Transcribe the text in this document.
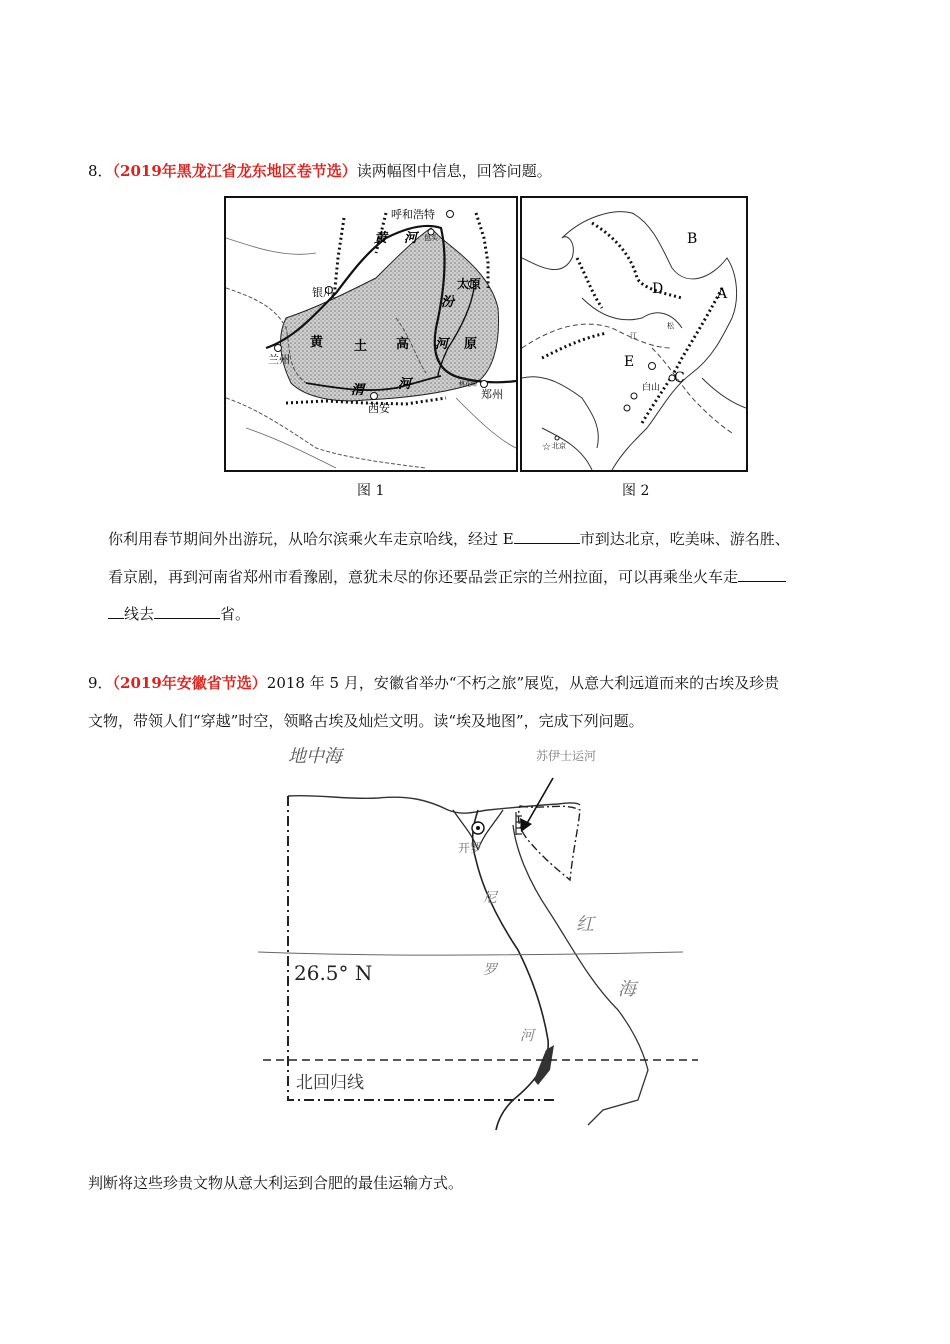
8．（2019年黑龙江省龙东地区卷节选）读两幅图中信息，回答问题。
呼和浩特
包头
黄 河
银川
太原
汾
河 原
兰州
黄 土 高
渭	河
西安
郑州
桃花峪
B
D	A
E
C
白山
北京
江
松
☆
图 1	图 2
你利用春节期间外出游玩，从哈尔滨乘火车走京哈线，经过 E	市到达北京，吃美味、游名胜、
看京剧，再到河南省郑州市看豫剧，意犹未尽的你还要品尝正宗的兰州拉面，可以再乘坐火车走
线去	省。
9．（2019年安徽省节选）2018 年 5 月，安徽省举办“不朽之旅”展览，从意大利远道而来的古埃及珍贵
文物，带领人们“穿越”时空，领略古埃及灿烂文明。读“埃及地图”，完成下列问题。
地中海	苏伊士运河
开罗
尼
罗
河
红
海
26.5° N
北回归线
判断将这些珍贵文物从意大利运到合肥的最佳运输方式。
